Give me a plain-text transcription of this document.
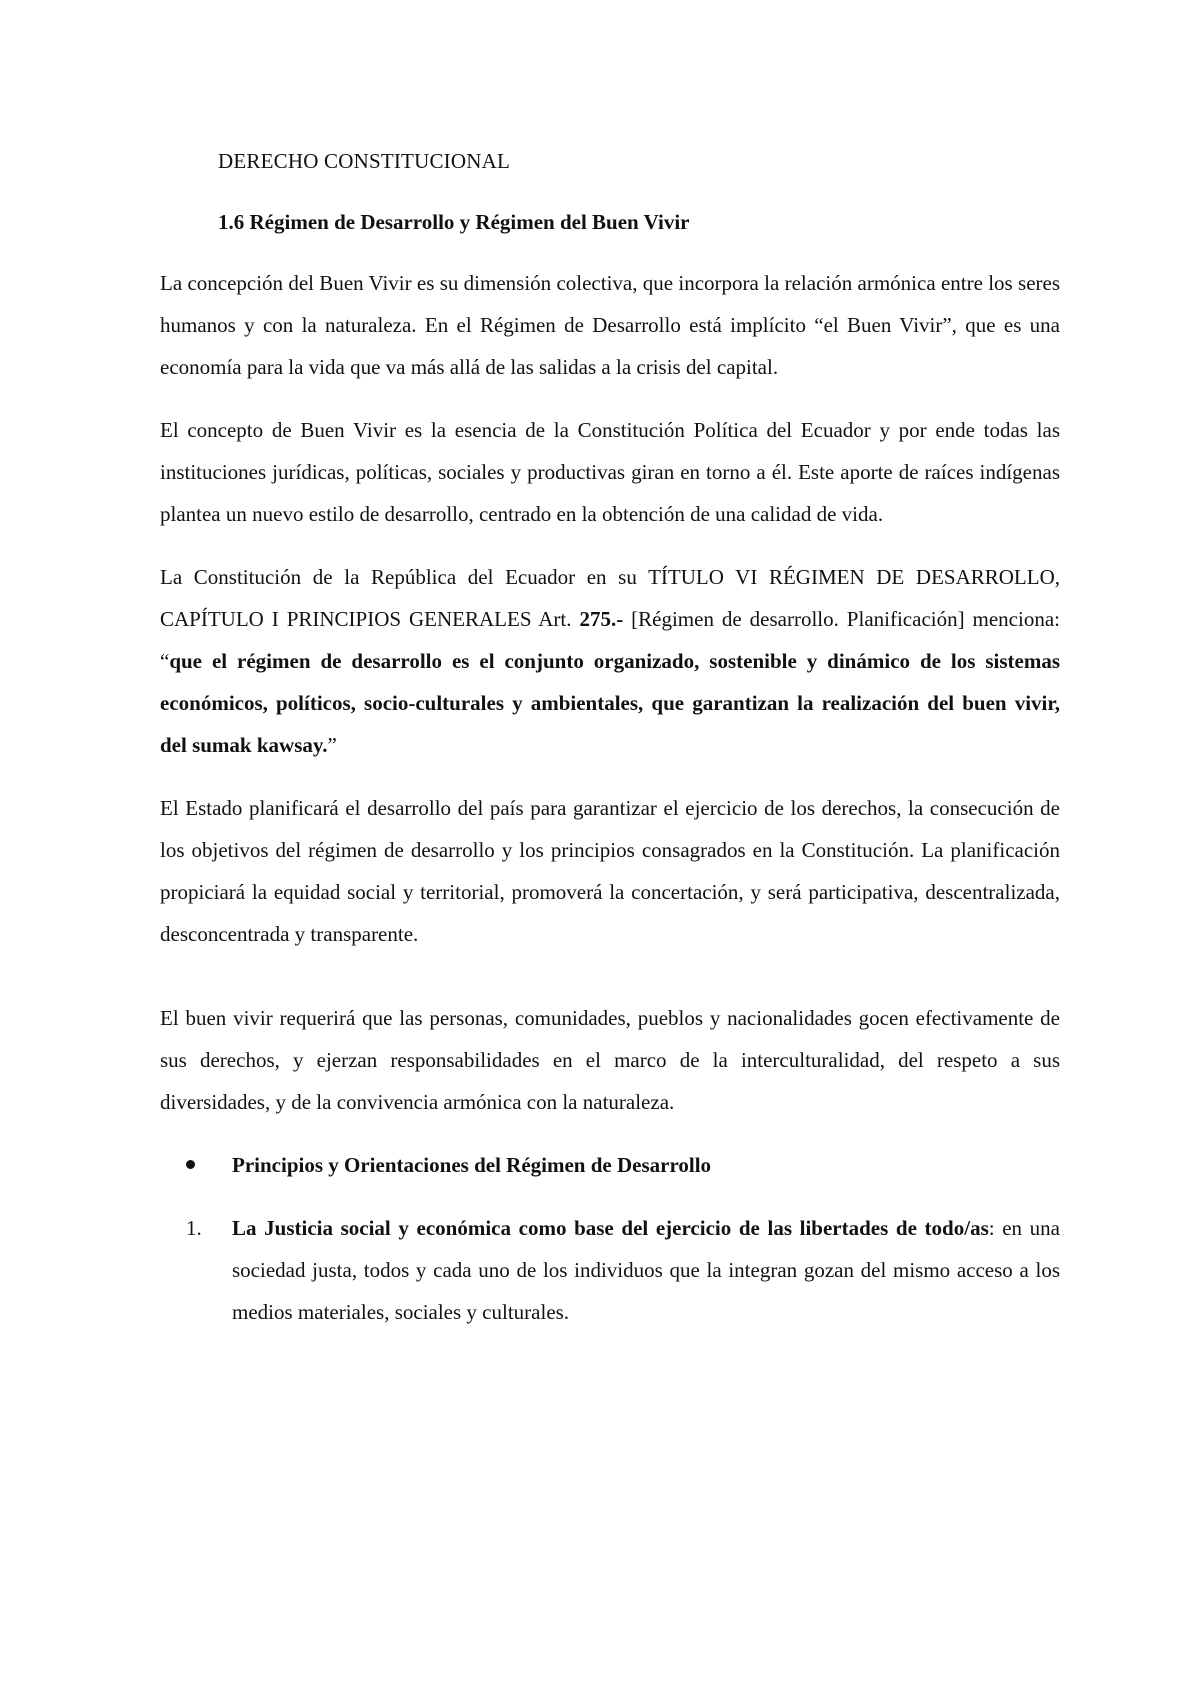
DERECHO CONSTITUCIONAL

1.6 Régimen de Desarrollo y Régimen del Buen Vivir

La concepción del Buen Vivir es su dimensión colectiva, que incorpora la relación armónica entre los seres humanos y con la naturaleza. En el Régimen de Desarrollo está implícito “el Buen Vivir”, que es una economía para la vida que va más allá de las salidas a la crisis del capital.

El concepto de Buen Vivir es la esencia de la Constitución Política del Ecuador y por ende todas las instituciones jurídicas, políticas, sociales y productivas giran en torno a él. Este aporte de raíces indígenas plantea un nuevo estilo de desarrollo, centrado en la obtención de una calidad de vida.

La Constitución de la República del Ecuador en su TÍTULO VI RÉGIMEN DE DESARROLLO, CAPÍTULO I PRINCIPIOS GENERALES Art. 275.- [Régimen de desarrollo. Planificación] menciona: “que el régimen de desarrollo es el conjunto organizado, sostenible y dinámico de los sistemas económicos, políticos, socio-culturales y ambientales, que garantizan la realización del buen vivir, del sumak kawsay.”

El Estado planificará el desarrollo del país para garantizar el ejercicio de los derechos, la consecución de los objetivos del régimen de desarrollo y los principios consagrados en la Constitución. La planificación propiciará la equidad social y territorial, promoverá la concertación, y será participativa, descentralizada, desconcentrada y transparente.

El buen vivir requerirá que las personas, comunidades, pueblos y nacionalidades gocen efectivamente de sus derechos, y ejerzan responsabilidades en el marco de la interculturalidad, del respeto a sus diversidades, y de la convivencia armónica con la naturaleza.

Principios y Orientaciones del Régimen de Desarrollo
1. La Justicia social y económica como base del ejercicio de las libertades de todo/as: en una sociedad justa, todos y cada uno de los individuos que la integran gozan del mismo acceso a los medios materiales, sociales y culturales.
